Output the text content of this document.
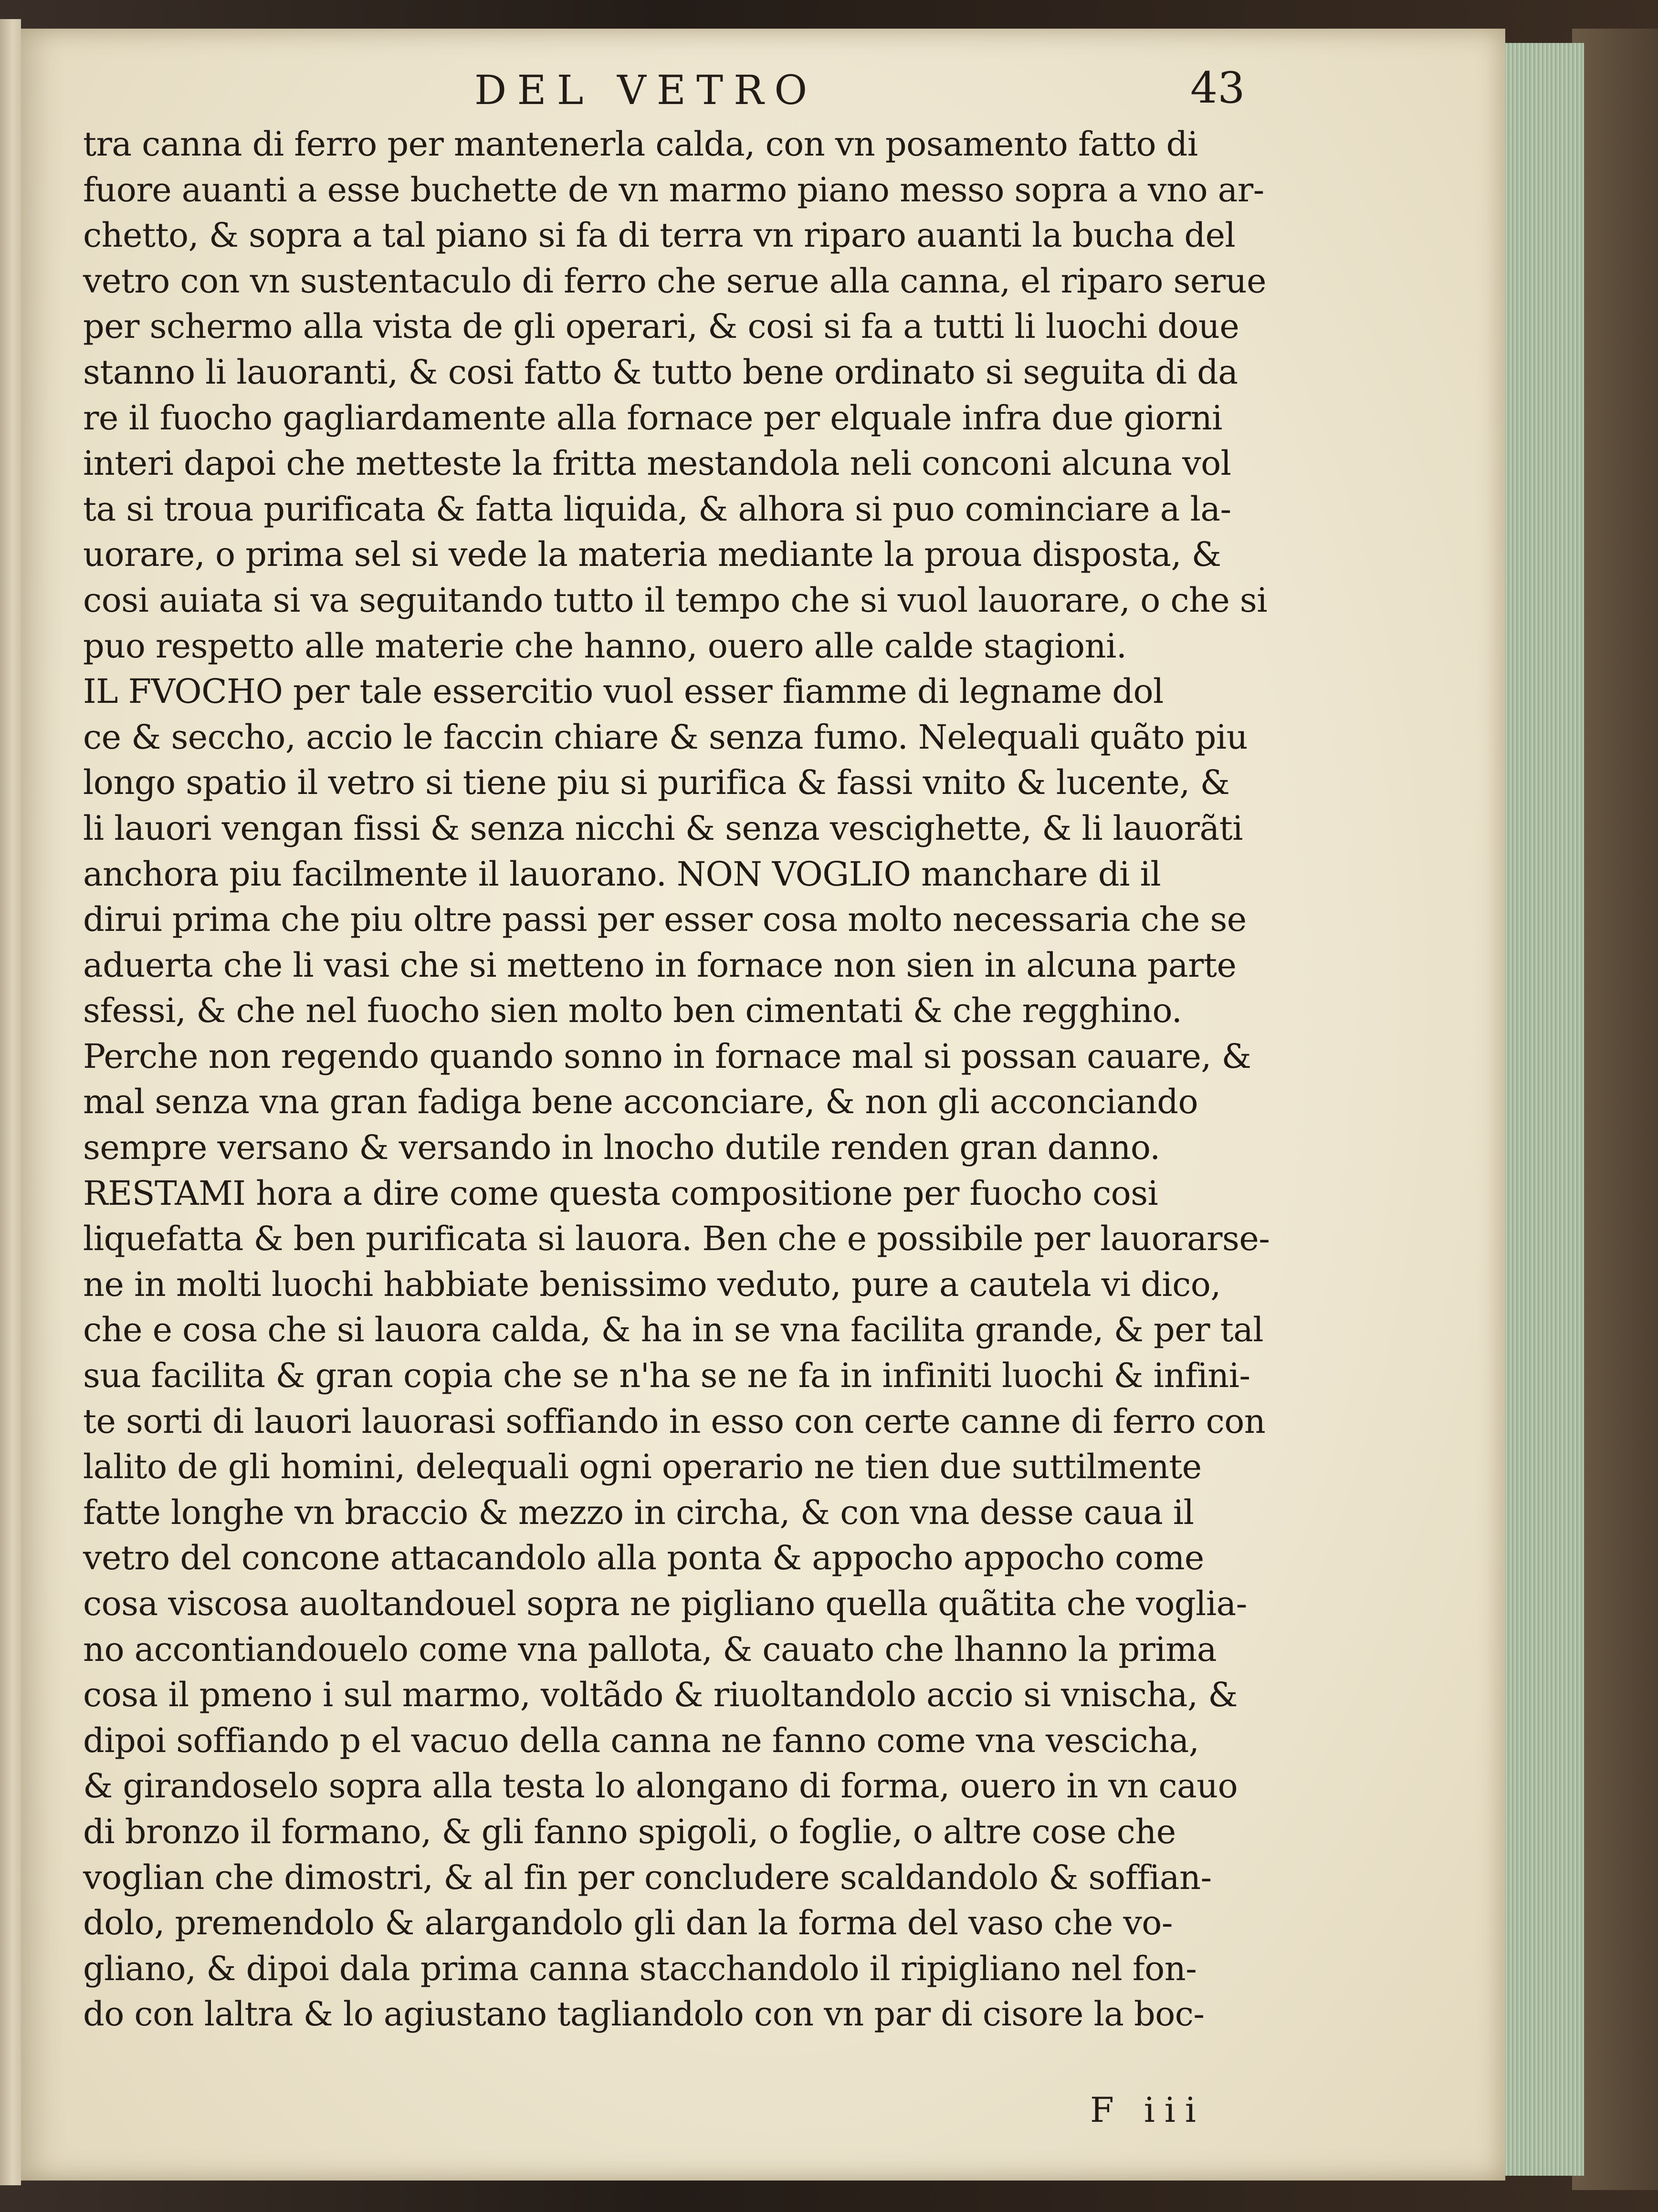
DEL VETRO	43
tra canna di ferro per mantenerla calda, con vn posamento fatto di
fuore auanti a esse buchette de vn marmo piano messo sopra a vno ar-
chetto, & sopra a tal piano si fa di terra vn riparo auanti la bucha del
vetro con vn sustentaculo di ferro che serue alla canna, el riparo serue
per schermo alla vista de gli operari, & cosi si fa a tutti li luochi doue
stanno li lauoranti, & cosi fatto & tutto bene ordinato si seguita di da
re il fuocho gagliardamente alla fornace per elquale infra due giorni
interi dapoi che metteste la fritta mestandola neli conconi alcuna vol
ta si troua purificata & fatta liquida, & alhora si puo cominciare a la-
uorare, o prima sel si vede la materia mediante la proua disposta, &
cosi auiata si va seguitando tutto il tempo che si vuol lauorare, o che si
puo respetto alle materie che hanno, ouero alle calde stagioni.
IL FVOCHO per tale essercitio vuol esser fiamme di legname dol
ce & seccho, accio le faccin chiare & senza fumo. Nelequali quãto piu
longo spatio il vetro si tiene piu si purifica & fassi vnito & lucente, &
li lauori vengan fissi & senza nicchi & senza vescighette, & li lauorãti
anchora piu facilmente il lauorano. NON VOGLIO manchare di il
dirui prima che piu oltre passi per esser cosa molto necessaria che se
aduerta che li vasi che si metteno in fornace non sien in alcuna parte
sfessi, & che nel fuocho sien molto ben cimentati & che regghino.
Perche non regendo quando sonno in fornace mal si possan cauare, &
mal senza vna gran fadiga bene acconciare, & non gli acconciando
sempre versano & versando in lnocho dutile renden gran danno.
RESTAMI hora a dire come questa compositione per fuocho cosi
liquefatta & ben purificata si lauora. Ben che e possibile per lauorarse-
ne in molti luochi habbiate benissimo veduto, pure a cautela vi dico,
che e cosa che si lauora calda, & ha in se vna facilita grande, & per tal
sua facilita & gran copia che se n'ha se ne fa in infiniti luochi & infini-
te sorti di lauori lauorasi soffiando in esso con certe canne di ferro con
lalito de gli homini, delequali ogni operario ne tien due suttilmente
fatte longhe vn braccio & mezzo in circha, & con vna desse caua il
vetro del concone attacandolo alla ponta & appocho appocho come
cosa viscosa auoltandouel sopra ne pigliano quella quãtita che voglia-
no accontiandouelo come vna pallota, & cauato che lhanno la prima
cosa il pmeno i sul marmo, voltãdo & riuoltandolo accio si vnischa, &
dipoi soffiando p el vacuo della canna ne fanno come vna vescicha,
& girandoselo sopra alla testa lo alongano di forma, ouero in vn cauo
di bronzo il formano, & gli fanno spigoli, o foglie, o altre cose che
voglian che dimostri, & al fin per concludere scaldandolo & soffian-
dolo, premendolo & alargandolo gli dan la forma del vaso che vo-
gliano, & dipoi dala prima canna stacchandolo il ripigliano nel fon-
do con laltra & lo agiustano tagliandolo con vn par di cisore la boc-
F iii
